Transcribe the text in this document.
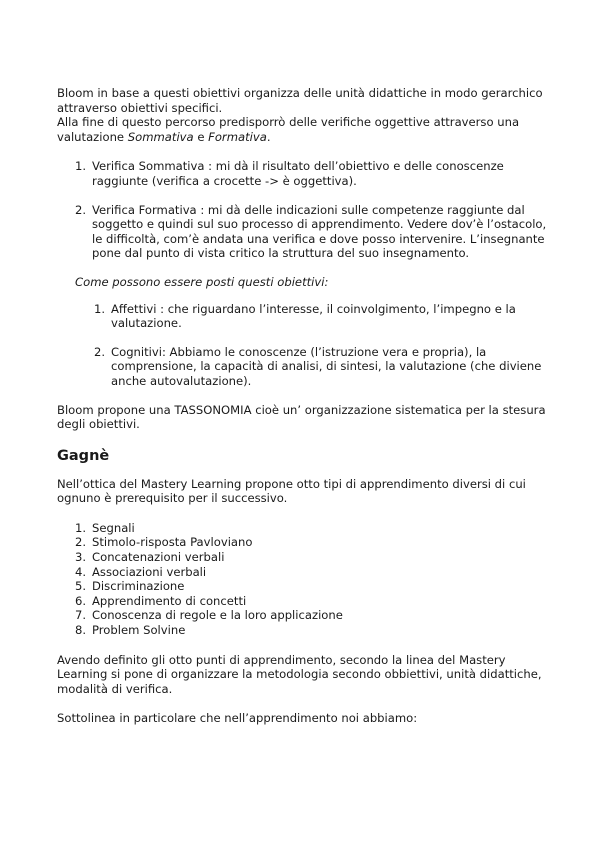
Bloom in base a questi obiettivi organizza delle unità didattiche in modo gerarchico attraverso obiettivi specifici.

Alla fine di questo percorso predisporrò delle verifiche oggettive attraverso una valutazione Sommativa e Formativa.

1. Verifica Sommativa : mi dà il risultato dell’obiettivo e delle conoscenze raggiunte (verifica a crocette -> è oggettiva).
2. Verifica Formativa : mi dà delle indicazioni sulle competenze raggiunte dal soggetto e quindi sul suo processo di apprendimento. Vedere dov’è l’ostacolo, le difficoltà, com’è andata una verifica e dove posso intervenire. L’insegnante pone dal punto di vista critico la struttura del suo insegnamento.

Come possono essere posti questi obiettivi:

1. Affettivi : che riguardano l’interesse, il coinvolgimento, l’impegno e la valutazione.
2. Cognitivi: Abbiamo le conoscenze (l’istruzione vera e propria), la comprensione, la capacità di analisi, di sintesi, la valutazione (che diviene anche autovalutazione).

Bloom propone una TASSONOMIA cioè un’ organizzazione sistematica per la stesura degli obiettivi.

Gagnè

Nell’ottica del Mastery Learning propone otto tipi di apprendimento diversi di cui ognuno è prerequisito per il successivo.

1. Segnali
2. Stimolo-risposta Pavloviano
3. Concatenazioni verbali
4. Associazioni verbali
5. Discriminazione
6. Apprendimento di concetti
7. Conoscenza di regole e la loro applicazione
8. Problem Solvine

Avendo definito gli otto punti di apprendimento, secondo la linea del Mastery Learning si pone di organizzare la metodologia secondo obbiettivi, unità didattiche, modalità di verifica.

Sottolinea in particolare che nell’apprendimento noi abbiamo:
